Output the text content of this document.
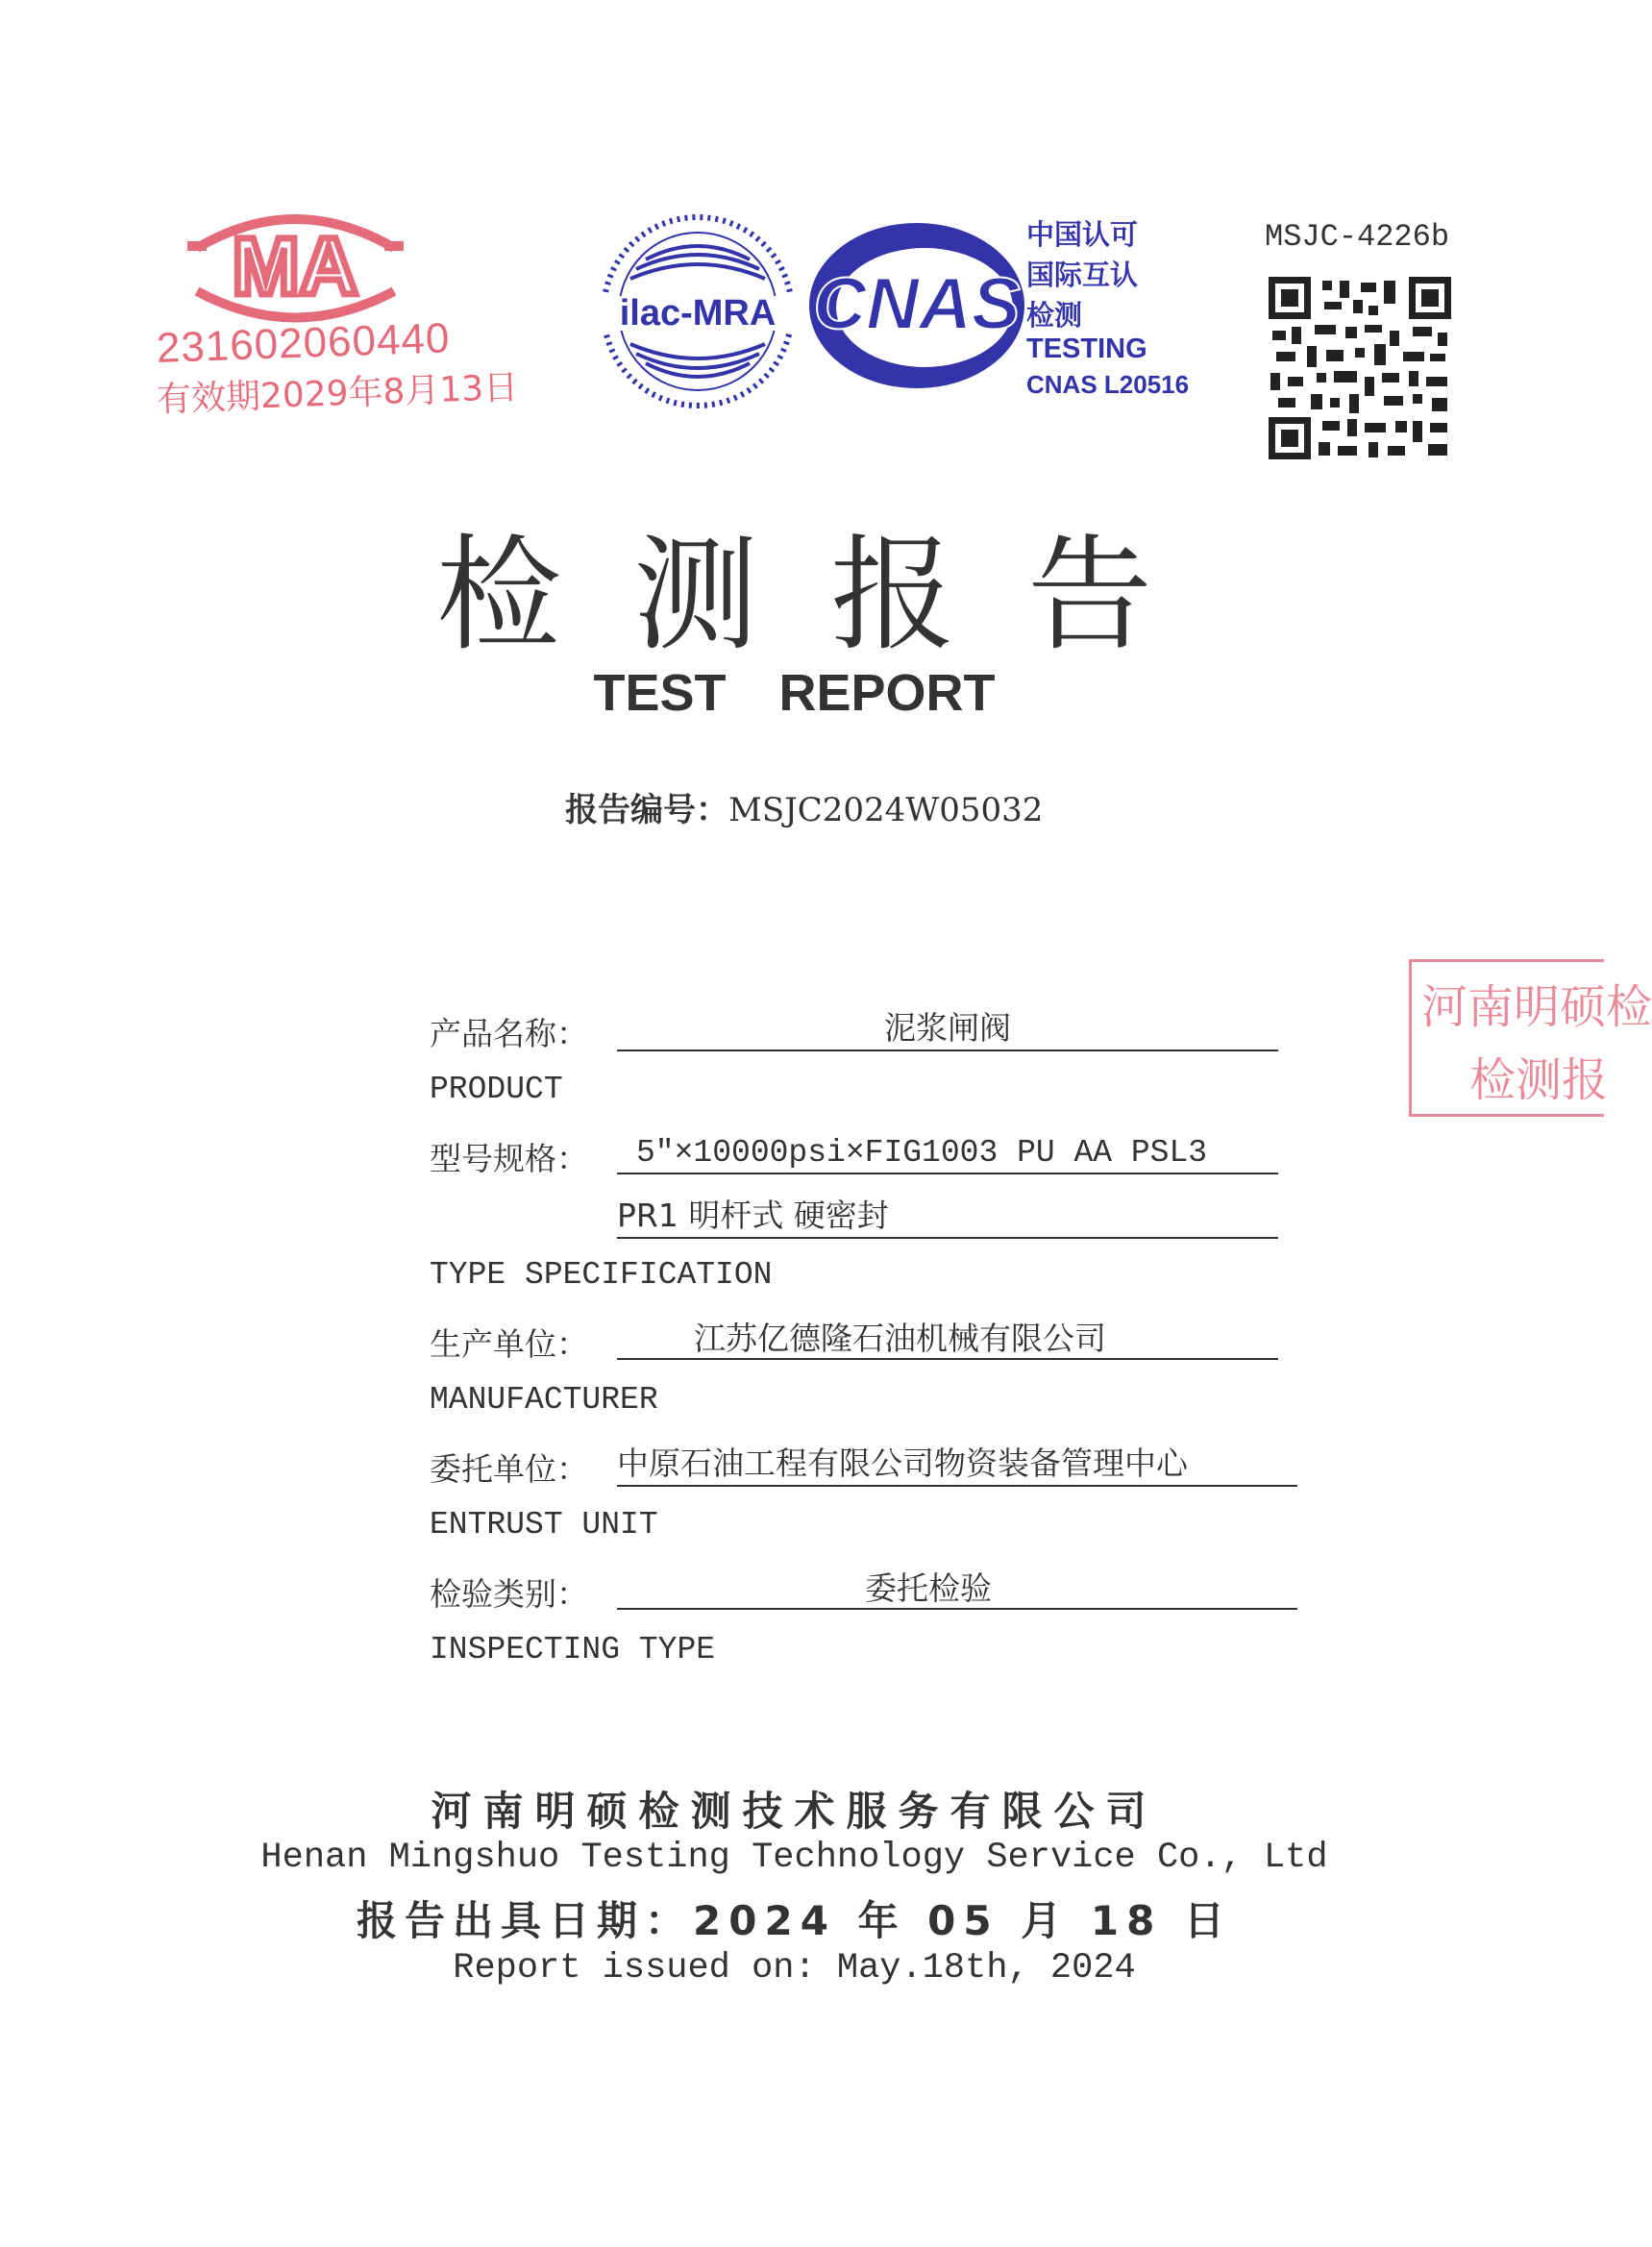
MA
231602060440
有效期2029年8月13日
ilac-MRA CNAS
中国认可
国际互认
检测
TESTING
CNAS L20516
MSJC-4226b
检测报告
TEST REPORT
报告编号：MSJC2024W05032
河南明硕检
检测报
产品名称：	泥浆闸阀
PRODUCT
型号规格：	5″×10000psi×FIG1003 PU AA PSL3
PR1 明杆式 硬密封
TYPE SPECIFICATION
生产单位：	江苏亿德隆石油机械有限公司
MANUFACTURER
委托单位： 中原石油工程有限公司物资装备管理中心
ENTRUST UNIT
检验类别：	委托检验
INSPECTING TYPE
河南明硕检测技术服务有限公司
Henan Mingshuo Testing Technology Service Co., Ltd
报告出具日期：2024 年 05 月 18 日
Report issued on: May.18th, 2024
